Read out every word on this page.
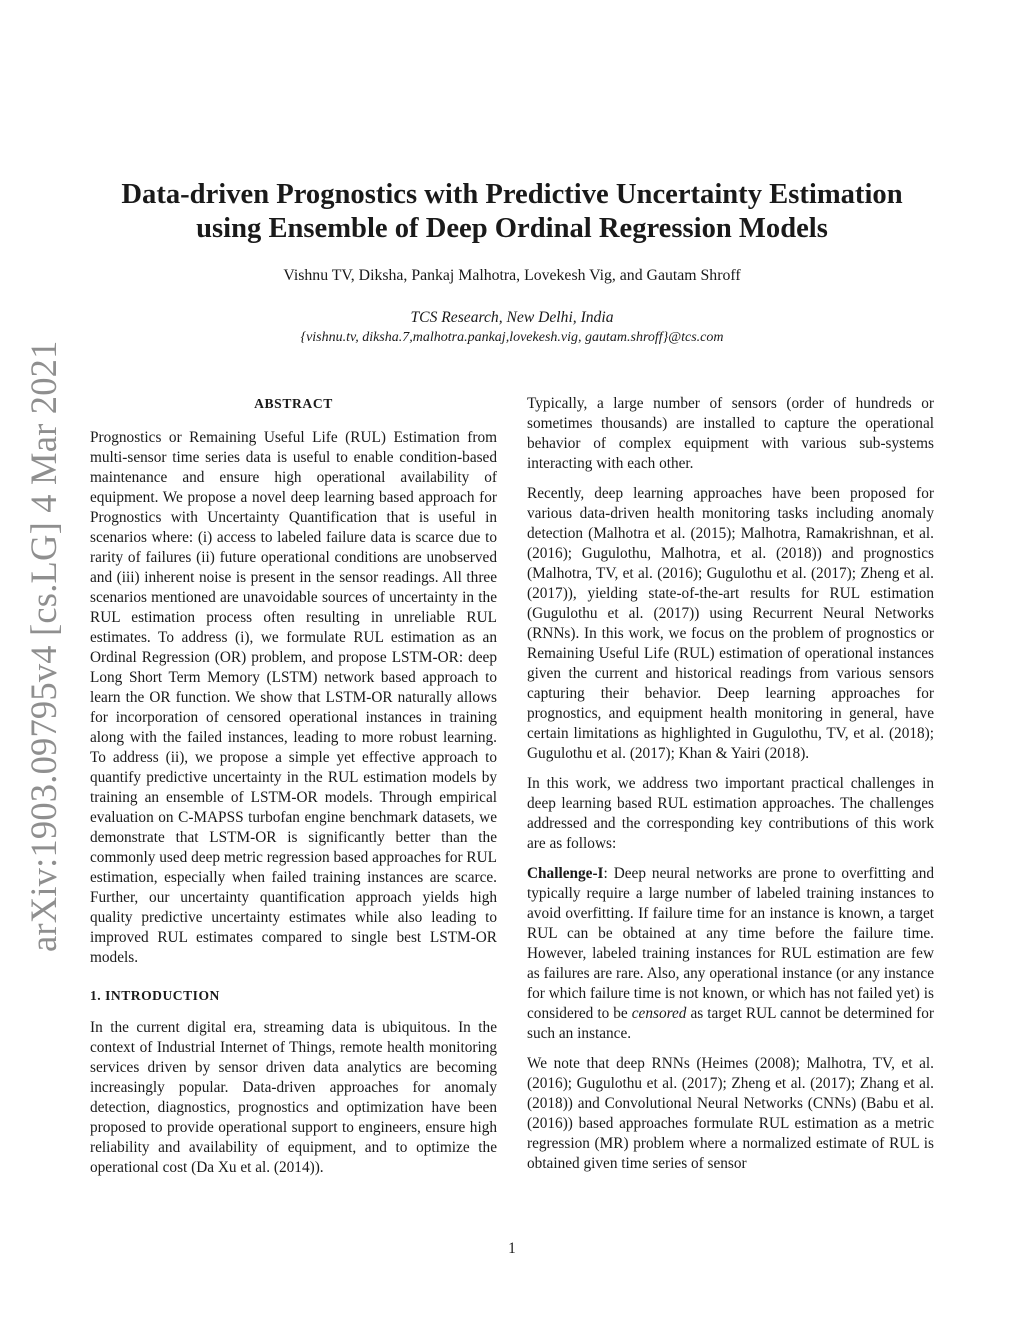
arXiv:1903.09795v4 [cs.LG] 4 Mar 2021
Data-driven Prognostics with Predictive Uncertainty Estimation
using Ensemble of Deep Ordinal Regression Models
Vishnu TV, Diksha, Pankaj Malhotra, Lovekesh Vig, and Gautam Shroff
TCS Research, New Delhi, India
{vishnu.tv, diksha.7,malhotra.pankaj,lovekesh.vig, gautam.shroff}@tcs.com
ABSTRACT

Prognostics or Remaining Useful Life (RUL) Estimation from multi-sensor time series data is useful to enable condition-based maintenance and ensure high operational availability of equipment. We propose a novel deep learning based approach for Prognostics with Uncertainty Quantification that is useful in scenarios where: (i) access to labeled failure data is scarce due to rarity of failures (ii) future operational conditions are unobserved and (iii) inherent noise is present in the sensor readings. All three scenarios mentioned are unavoidable sources of uncertainty in the RUL estimation process often resulting in unreliable RUL estimates. To address (i), we formulate RUL estimation as an Ordinal Regression (OR) problem, and propose LSTM-OR: deep Long Short Term Memory (LSTM) network based approach to learn the OR function. We show that LSTM-OR naturally allows for incorporation of censored operational instances in training along with the failed instances, leading to more robust learning. To address (ii), we propose a simple yet effective approach to quantify predictive uncertainty in the RUL estimation models by training an ensemble of LSTM-OR models. Through empirical evaluation on C-MAPSS turbofan engine benchmark datasets, we demonstrate that LSTM-OR is significantly better than the commonly used deep metric regression based approaches for RUL estimation, especially when failed training instances are scarce. Further, our uncertainty quantification approach yields high quality predictive uncertainty estimates while also leading to improved RUL estimates compared to single best LSTM-OR models.

1. INTRODUCTION

In the current digital era, streaming data is ubiquitous. In the context of Industrial Internet of Things, remote health monitoring services driven by sensor driven data analytics are becoming increasingly popular. Data-driven approaches for anomaly detection, diagnostics, prognostics and optimization have been proposed to provide operational support to engineers, ensure high reliability and availability of equipment, and to optimize the operational cost (Da Xu et al. (2014)).

Typically, a large number of sensors (order of hundreds or sometimes thousands) are installed to capture the operational behavior of complex equipment with various sub-systems interacting with each other.

Recently, deep learning approaches have been proposed for various data-driven health monitoring tasks including anomaly detection (Malhotra et al. (2015); Malhotra, Ramakrishnan, et al. (2016); Gugulothu, Malhotra, et al. (2018)) and prognostics (Malhotra, TV, et al. (2016); Gugulothu et al. (2017); Zheng et al. (2017)), yielding state-of-the-art results for RUL estimation (Gugulothu et al. (2017)) using Recurrent Neural Networks (RNNs). In this work, we focus on the problem of prognostics or Remaining Useful Life (RUL) estimation of operational instances given the current and historical readings from various sensors capturing their behavior. Deep learning approaches for prognostics, and equipment health monitoring in general, have certain limitations as highlighted in Gugulothu, TV, et al. (2018); Gugulothu et al. (2017); Khan & Yairi (2018).

In this work, we address two important practical challenges in deep learning based RUL estimation approaches. The challenges addressed and the corresponding key contributions of this work are as follows:

Challenge-I: Deep neural networks are prone to overfitting and typically require a large number of labeled training instances to avoid overfitting. If failure time for an instance is known, a target RUL can be obtained at any time before the failure time. However, labeled training instances for RUL estimation are few as failures are rare. Also, any operational instance (or any instance for which failure time is not known, or which has not failed yet) is considered to be censored as target RUL cannot be determined for such an instance.

We note that deep RNNs (Heimes (2008); Malhotra, TV, et al. (2016); Gugulothu et al. (2017); Zheng et al. (2017); Zhang et al. (2018)) and Convolutional Neural Networks (CNNs) (Babu et al. (2016)) based approaches formulate RUL estimation as a metric regression (MR) problem where a normalized estimate of RUL is obtained given time series of sensor

1
